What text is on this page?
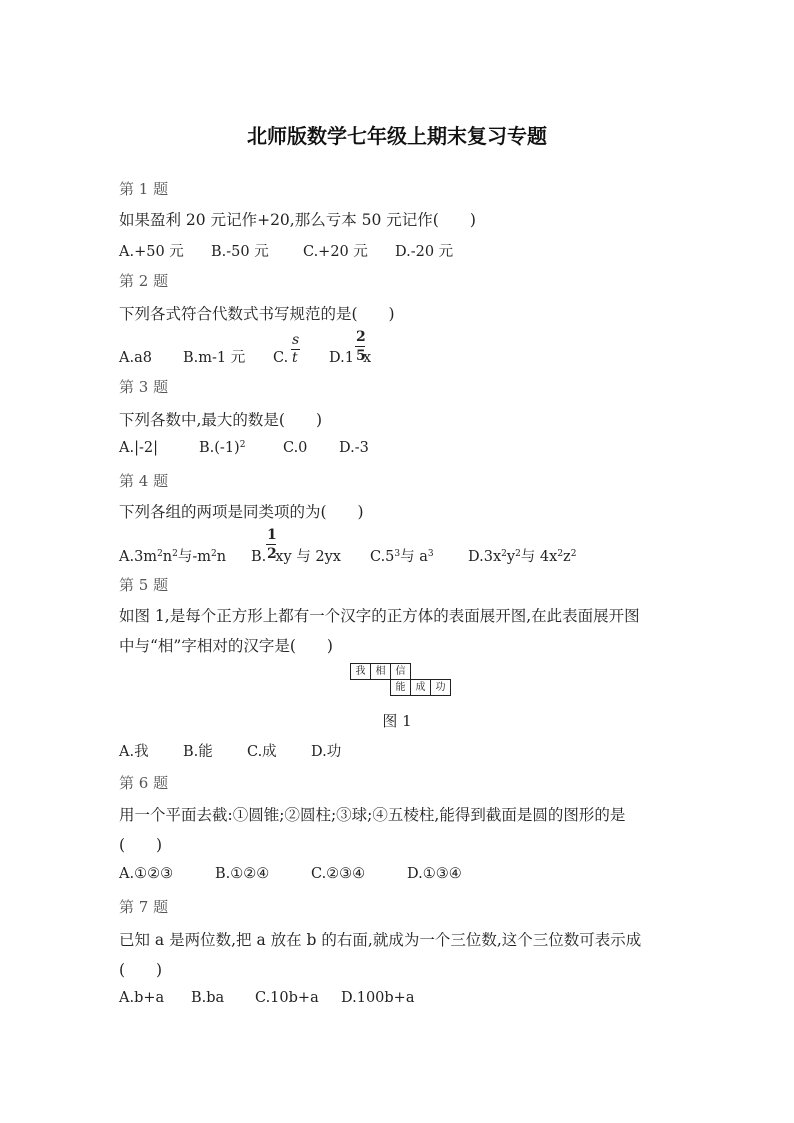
北师版数学七年级上期末复习专题
第 1 题
如果盈利 20 元记作+20,那么亏本 50 元记作(　　)
A.+50 元 B.-50 元 C.+20 元 D.-20 元
第 2 题
下列各式符合代数式书写规范的是(　　)
A.a8 B.m-1 元 C.	D.1 x
s
t
2
5
第 3 题
下列各数中,最大的数是(　　)
A.|-2|	$B.(-1)^2$	C.0 D.-3
第 4 题
下列各组的两项是同类项的为(　　)
$A.3m^2n^2$与$-m^2n$ B. xy 与 2yx $C.5^3$与 $a^3$ $D.3x^2y^2$与 $4x^2z^2$
1
2
第 5 题
如图 1,是每个正方形上都有一个汉字的正方体的表面展开图,在此表面展开图
中与“相”字相对的汉字是(　　)
我	相	信
能	成	功
图 1
A.我 B.能 C.成 D.功
第 6 题
用一个平面去截:①圆锥;②圆柱;③球;④五棱柱,能得到截面是圆的图形的是
(　　)
A.①②③	B.①②④	C.②③④	D.①③④
第 7 题
已知 a 是两位数,把 a 放在 b 的右面,就成为一个三位数,这个三位数可表示成
(　　)
A.b+a B.ba C.10b+a D.100b+a
